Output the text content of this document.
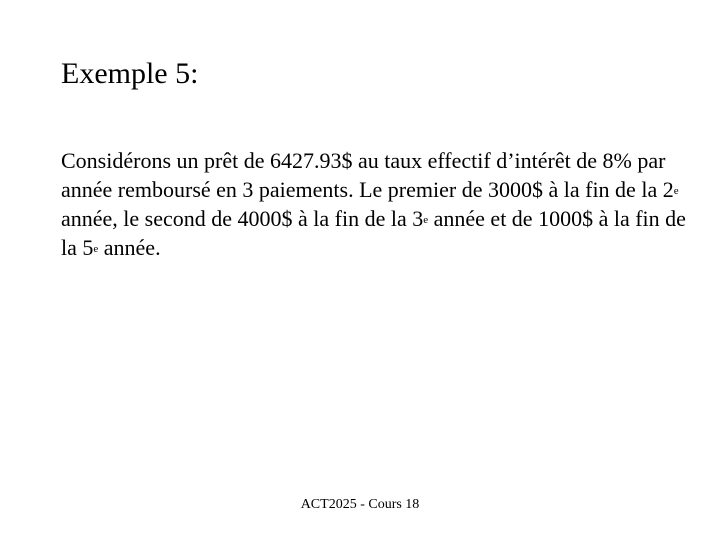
Exemple 5:
Considérons un prêt de 6427.93$ au taux effectif d’intérêt de 8% par année remboursé en 3 paiements. Le premier de 3000$ à la fin de la 2e année, le second de 4000$ à la fin de la 3e année et de 1000$ à la fin de la 5e année.
ACT2025 - Cours 18
